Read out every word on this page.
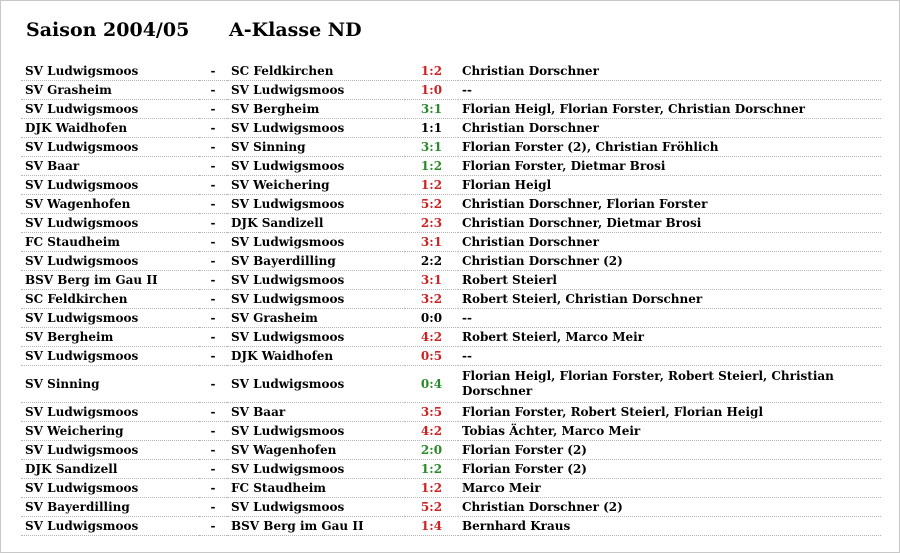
Saison 2004/05 A-Klasse ND
SV Ludwigsmoos	-	SC Feldkirchen	1:2	Christian Dorschner
SV Grasheim	-	SV Ludwigsmoos	1:0	--
SV Ludwigsmoos	-	SV Bergheim	3:1	Florian Heigl, Florian Forster, Christian Dorschner
DJK Waidhofen	-	SV Ludwigsmoos	1:1	Christian Dorschner
SV Ludwigsmoos	-	SV Sinning	3:1	Florian Forster (2), Christian Fröhlich
SV Baar	-	SV Ludwigsmoos	1:2	Florian Forster, Dietmar Brosi
SV Ludwigsmoos	-	SV Weichering	1:2	Florian Heigl
SV Wagenhofen	-	SV Ludwigsmoos	5:2	Christian Dorschner, Florian Forster
SV Ludwigsmoos	-	DJK Sandizell	2:3	Christian Dorschner, Dietmar Brosi
FC Staudheim	-	SV Ludwigsmoos	3:1	Christian Dorschner
SV Ludwigsmoos	-	SV Bayerdilling	2:2	Christian Dorschner (2)
BSV Berg im Gau II	-	SV Ludwigsmoos	3:1	Robert Steierl
SC Feldkirchen	-	SV Ludwigsmoos	3:2	Robert Steierl, Christian Dorschner
SV Ludwigsmoos	-	SV Grasheim	0:0	--
SV Bergheim	-	SV Ludwigsmoos	4:2	Robert Steierl, Marco Meir
SV Ludwigsmoos	-	DJK Waidhofen	0:5	--
SV Sinning	-	SV Ludwigsmoos	0:4	Florian Heigl, Florian Forster, Robert Steierl, Christian Dorschner
SV Ludwigsmoos	-	SV Baar	3:5	Florian Forster, Robert Steierl, Florian Heigl
SV Weichering	-	SV Ludwigsmoos	4:2	Tobias Ächter, Marco Meir
SV Ludwigsmoos	-	SV Wagenhofen	2:0	Florian Forster (2)
DJK Sandizell	-	SV Ludwigsmoos	1:2	Florian Forster (2)
SV Ludwigsmoos	-	FC Staudheim	1:2	Marco Meir
SV Bayerdilling	-	SV Ludwigsmoos	5:2	Christian Dorschner (2)
SV Ludwigsmoos	-	BSV Berg im Gau II	1:4	Bernhard Kraus
